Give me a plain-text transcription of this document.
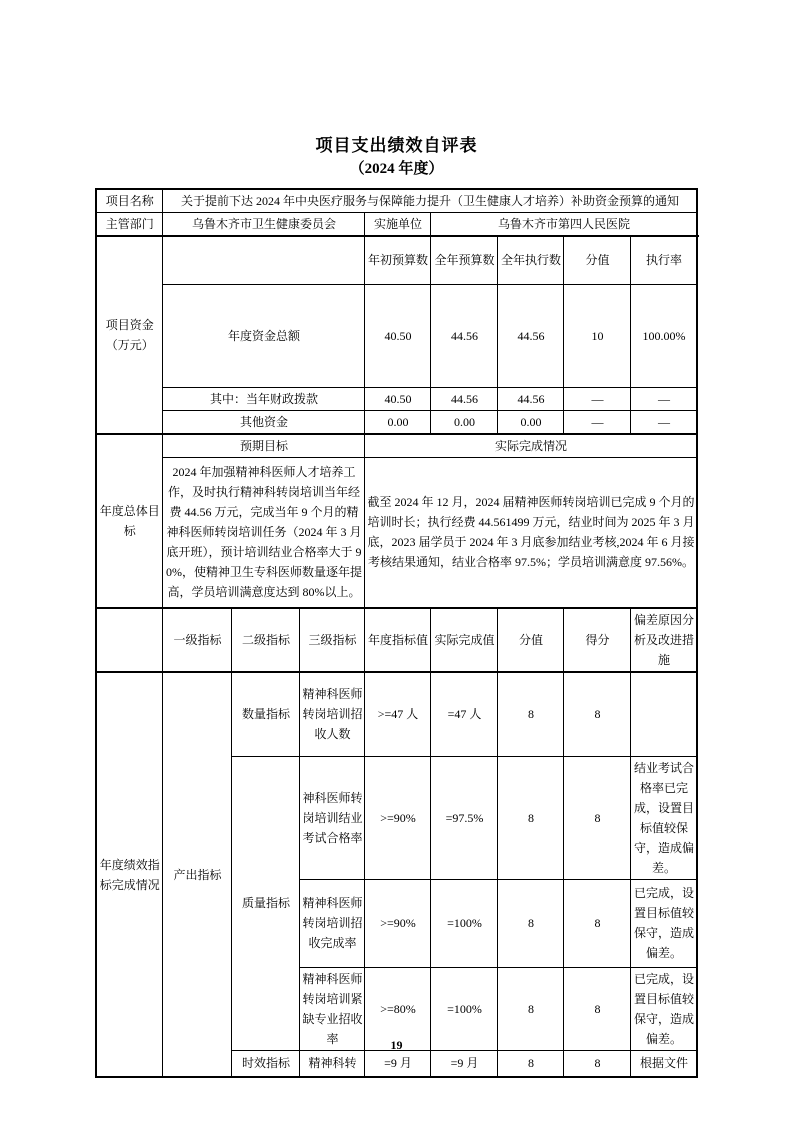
项目支出绩效自评表
（2024 年度）
项目名称	关于提前下达 2024 年中央医疗服务与保障能力提升（卫生健康人才培养）补助资金预算的通知								
主管部门	乌鲁木齐市卫生健康委员会			实施单位	乌鲁木齐市第四人民医院				
项目资金（万元）				年初预算数	全年预算数	全年执行数	分值	执行率	
	年度资金总额			40.50	44.56	44.56	10	100.00%	
	其中：当年财政拨款			40.50	44.56	44.56	—	—	
	其他资金			0.00	0.00	0.00	—	—	
年度总体目标	预期目标			实际完成情况					
	2024 年加强精神科医师人才培养工作，及时执行精神科转岗培训当年经费 44.56 万元，完成当年 9 个月的精神科医师转岗培训任务（2024 年 3 月底开班），预计培训结业合格率大于 90%，使精神卫生专科医师数量逐年提高，学员培训满意度达到 80%以上。			截至 2024 年 12 月，2024 届精神医师转岗培训已完成 9 个月的培训时长；执行经费 44.561499 万元，结业时间为 2025 年 3 月底，2023 届学员于 2024 年 3 月底参加结业考核,2024 年 6 月接考核结果通知，结业合格率 97.5%；学员培训满意度 97.56%。					
	一级指标	二级指标	三级指标	年度指标值	实际完成值	分值	得分	偏差原因分析及改进措施	
年度绩效指标完成情况	产出指标	数量指标	精神科医师转岗培训招收人数	>=47 人	=47 人	8	8		
		质量指标	神科医师转岗培训结业考试合格率	>=90%	=97.5%	8	8	结业考试合格率已完成，设置目标值较保守，造成偏差。	
			精神科医师转岗培训招收完成率	>=90%	=100%	8	8	已完成，设置目标值较保守，造成偏差。	
			精神科医师转岗培训紧缺专业招收率	>=80%	=100%	8	8	已完成，设置目标值较保守，造成偏差。	
		时效指标	精神科转	=9 月	=9 月	8	8	根据文件	
19
